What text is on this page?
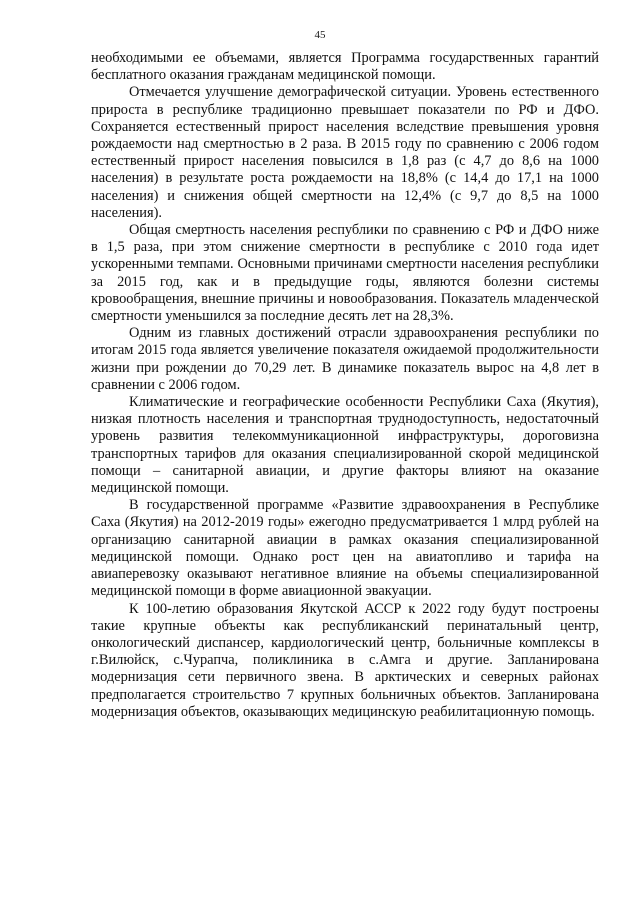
45

необходимыми ее объемами, является Программа государственных гарантий бесплатного оказания гражданам медицинской помощи.

Отмечается улучшение демографической ситуации. Уровень естественного прироста в республике традиционно превышает показатели по РФ и ДФО. Сохраняется естественный прирост населения вследствие превышения уровня рождаемости над смертностью в 2 раза. В 2015 году по сравнению с 2006 годом естественный прирост населения повысился в 1,8 раз (с 4,7 до 8,6 на 1000 населения) в результате роста рождаемости на 18,8% (с 14,4 до 17,1 на 1000 населения) и снижения общей смертности на 12,4% (с 9,7 до 8,5 на 1000 населения).

Общая смертность населения республики по сравнению с РФ и ДФО ниже в 1,5 раза, при этом снижение смертности в республике с 2010 года идет ускоренными темпами. Основными причинами смертности населения республики за 2015 год, как и в предыдущие годы, являются болезни системы кровообращения, внешние причины и новообразования. Показатель младенческой смертности уменьшился за последние десять лет на 28,3%.

Одним из главных достижений отрасли здравоохранения республики по итогам 2015 года является увеличение показателя ожидаемой продолжительности жизни при рождении до 70,29 лет. В динамике показатель вырос на 4,8 лет в сравнении с 2006 годом.

Климатические и географические особенности Республики Саха (Якутия), низкая плотность населения и транспортная труднодоступность, недостаточный уровень развития телекоммуникационной инфраструктуры, дороговизна транспортных тарифов для оказания специализированной скорой медицинской помощи – санитарной авиации, и другие факторы влияют на оказание медицинской помощи.

В государственной программе «Развитие здравоохранения в Республике Саха (Якутия) на 2012-2019 годы» ежегодно предусматривается 1 млрд рублей на организацию санитарной авиации в рамках оказания специализированной медицинской помощи. Однако рост цен на авиатопливо и тарифа на авиаперевозку оказывают негативное влияние на объемы специализированной медицинской помощи в форме авиационной эвакуации.

К 100-летию образования Якутской АССР к 2022 году будут построены такие крупные объекты как республиканский перинатальный центр, онкологический диспансер, кардиологический центр, больничные комплексы в г.Вилюйск, с.Чурапча, поликлиника в с.Амга и другие. Запланирована модернизация сети первичного звена. В арктических и северных районах предполагается строительство 7 крупных больничных объектов. Запланирована модернизация объектов, оказывающих медицинскую реабилитационную помощь.
